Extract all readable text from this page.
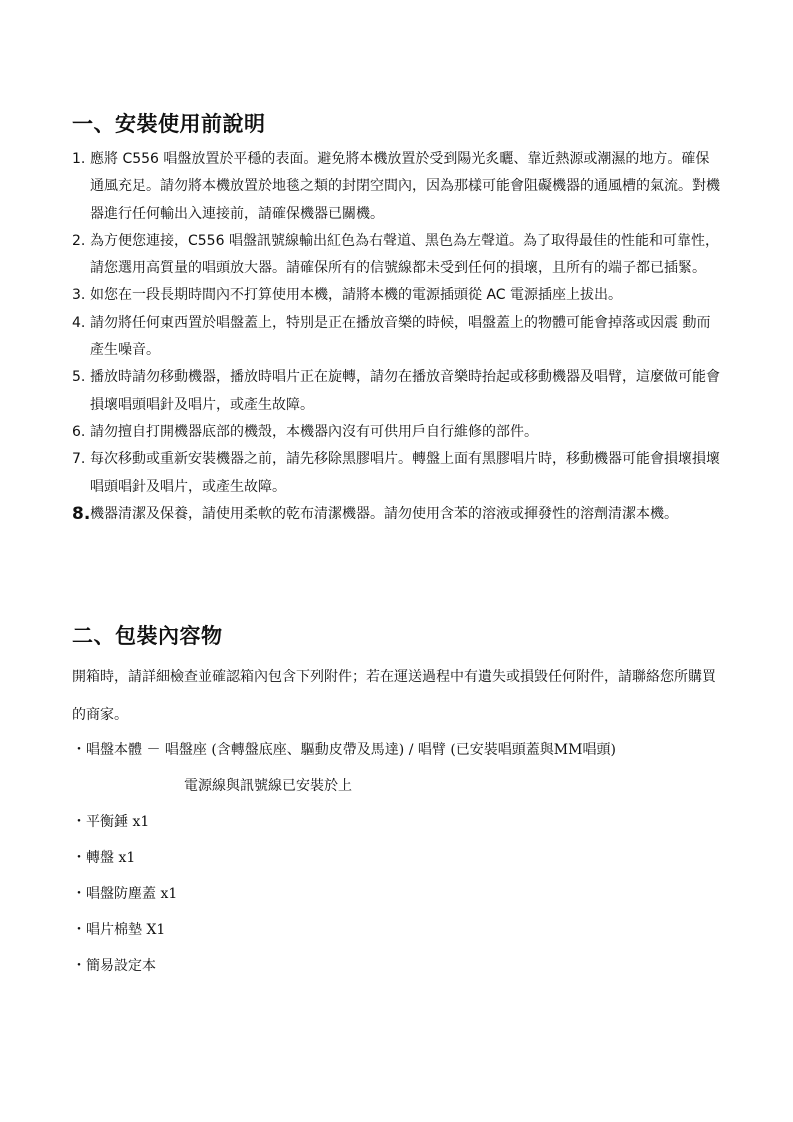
一、安裝使用前說明
1. 應將 C556 唱盤放置於平穩的表面。避免將本機放置於受到陽光炙曬、靠近熱源或潮濕的地方。確保通風充足。請勿將本機放置於地毯之類的封閉空間內，因為那樣可能會阻礙機器的通風槽的氣流。對機器進行任何輸出入連接前，請確保機器已關機。
2. 為方便您連接，C556 唱盤訊號線輸出紅色為右聲道、黑色為左聲道。為了取得最佳的性能和可靠性，請您選用高質量的唱頭放大器。請確保所有的信號線都未受到任何的損壞，且所有的端子都已插緊。
3. 如您在一段長期時間內不打算使用本機，請將本機的電源插頭從 AC 電源插座上拔出。
4. 請勿將任何東西置於唱盤蓋上，特別是正在播放音樂的時候，唱盤蓋上的物體可能會掉落或因震 動而產生噪音。
5. 播放時請勿移動機器，播放時唱片正在旋轉，請勿在播放音樂時抬起或移動機器及唱臂，這麼做可能會損壞唱頭唱針及唱片，或產生故障。
6. 請勿擅自打開機器底部的機殼，本機器內沒有可供用戶自行維修的部件。
7. 每次移動或重新安裝機器之前，請先移除黑膠唱片。轉盤上面有黑膠唱片時，移動機器可能會損壞損壞唱頭唱針及唱片，或產生故障。
8. 機器清潔及保養，請使用柔軟的乾布清潔機器。請勿使用含苯的溶液或揮發性的溶劑清潔本機。
二、包裝內容物

開箱時，請詳細檢查並確認箱內包含下列附件；若在運送過程中有遺失或損毀任何附件，請聯絡您所購買的商家。

・唱盤本體 － 唱盤座 (含轉盤底座、驅動皮帶及馬達) / 唱臂 (已安裝唱頭蓋與MM唱頭)
電源線與訊號線已安裝於上
・平衡錘 x1
・轉盤 x1
・唱盤防塵蓋 x1
・唱片棉墊 X1
・簡易設定本
